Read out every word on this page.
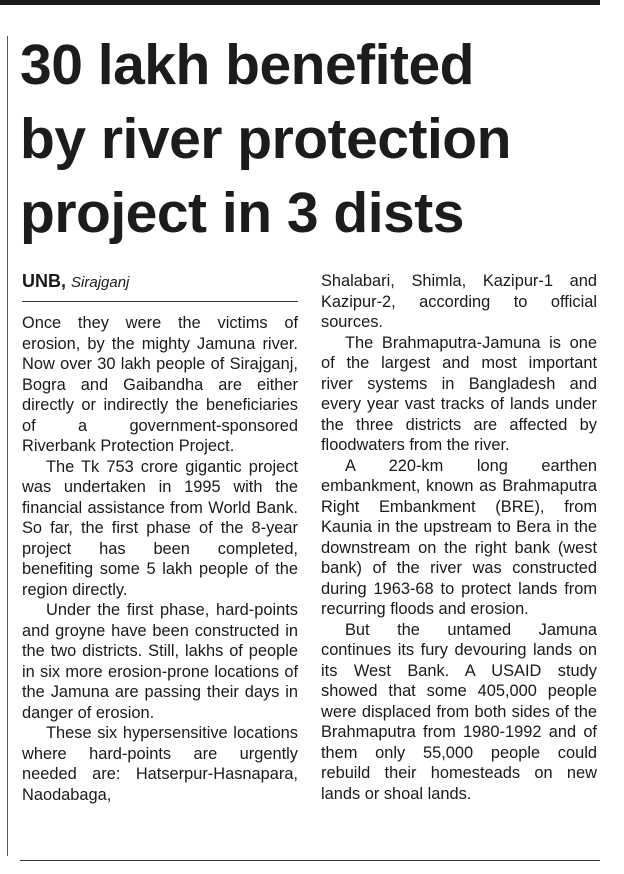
30 lakh benefited
by river protection
project in 3 dists
UNB, Sirajganj

Once they were the victims of erosion, by the mighty Jamuna river. Now over 30 lakh people of Sirajganj, Bogra and Gaibandha are either directly or indirectly the beneficiaries of a government-sponsored Riverbank Protection Project.

The Tk 753 crore gigantic project was undertaken in 1995 with the financial assistance from World Bank. So far, the first phase of the 8-year project has been completed, benefiting some 5 lakh people of the region directly.

Under the first phase, hard-points and groyne have been constructed in the two districts. Still, lakhs of people in six more erosion-prone locations of the Jamuna are passing their days in danger of erosion.

These six hypersensitive locations where hard-points are urgently needed are: Hatserpur-Hasnapara, Naodabaga,

Shalabari, Shimla, Kazipur-1 and Kazipur-2, according to official sources.

The Brahmaputra-Jamuna is one of the largest and most important river systems in Bangladesh and every year vast tracks of lands under the three districts are affected by floodwaters from the river.

A 220-km long earthen embankment, known as Brahmaputra Right Embankment (BRE), from Kaunia in the upstream to Bera in the downstream on the right bank (west bank) of the river was constructed during 1963-68 to protect lands from recurring floods and erosion.

But the untamed Jamuna continues its fury devouring lands on its West Bank. A USAID study showed that some 405,000 people were displaced from both sides of the Brahmaputra from 1980-1992 and of them only 55,000 people could rebuild their homesteads on new lands or shoal lands.
